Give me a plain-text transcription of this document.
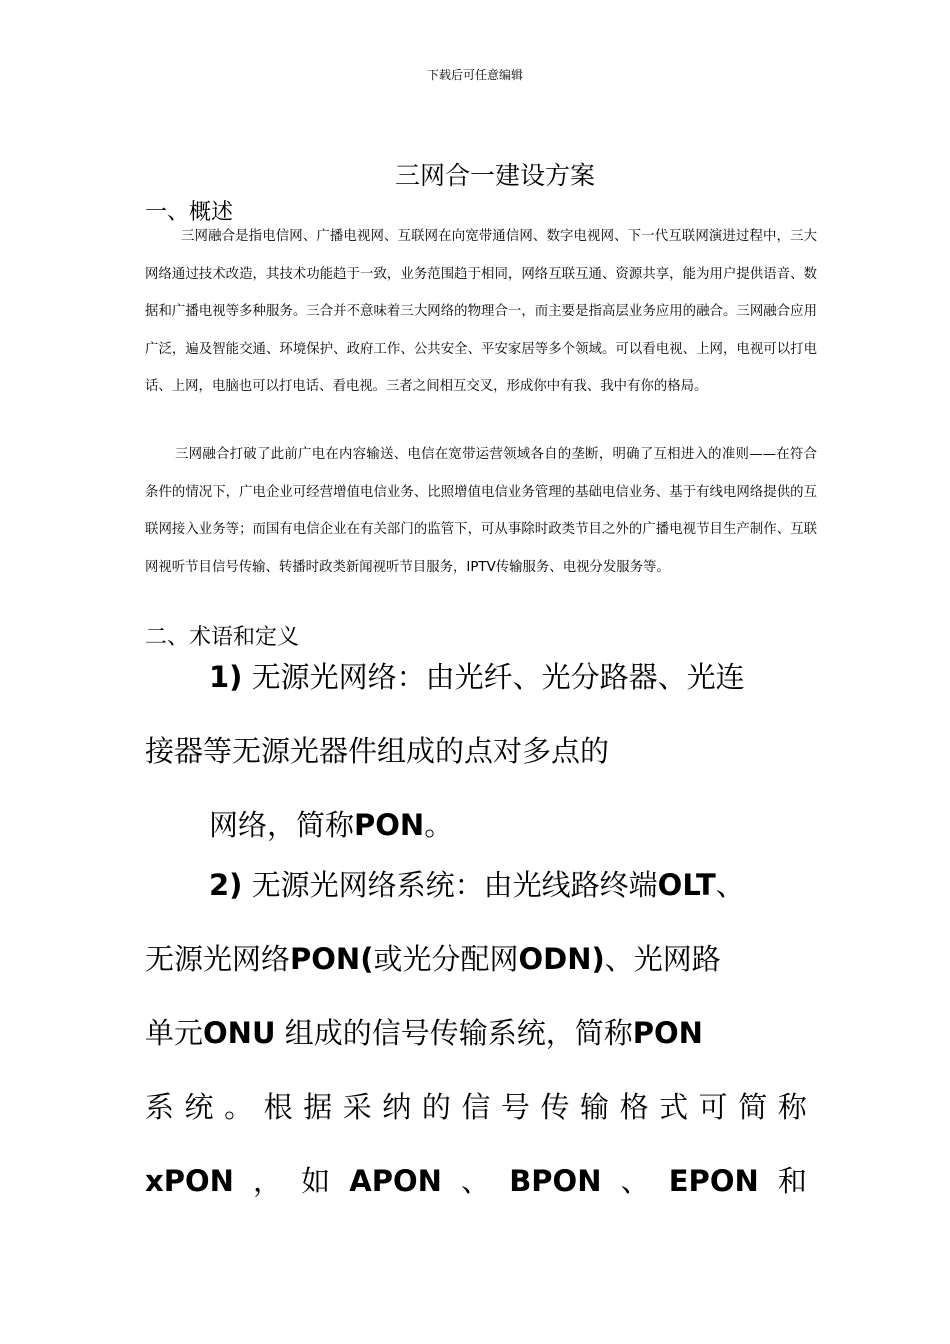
下载后可任意编辑
三网合一建设方案
一、概述

三网融合是指电信网、广播电视网、互联网在向宽带通信网、数字电视网、下一代互联网演进过程中，三大网络通过技术改造，其技术功能趋于一致，业务范围趋于相同，网络互联互通、资源共享，能为用户提供语音、数据和广播电视等多种服务。三合并不意味着三大网络的物理合一，而主要是指高层业务应用的融合。三网融合应用广泛，遍及智能交通、环境保护、政府工作、公共安全、平安家居等多个领域。可以看电视、上网，电视可以打电话、上网，电脑也可以打电话、看电视。三者之间相互交叉，形成你中有我、我中有你的格局。

三网融合打破了此前广电在内容输送、电信在宽带运营领域各自的垄断，明确了互相进入的准则——在符合条件的情况下，广电企业可经营增值电信业务、比照增值电信业务管理的基础电信业务、基于有线电网络提供的互联网接入业务等；而国有电信企业在有关部门的监管下，可从事除时政类节目之外的广播电视节目生产制作、互联网视听节目信号传输、转播时政类新闻视听节目服务，IPTV传输服务、电视分发服务等。

二、术语和定义
1) 无源光网络：由光纤、光分路器、光连
接器等无源光器件组成的点对多点的
网络，简称PON。
2) 无源光网络系统：由光线路终端OLT、
无源光网络PON(或光分配网ODN)、光网路
单元ONU 组成的信号传输系统，简称PON
系 统 。 根 据 采 纳 的 信 号 传 输 格 式 可 简 称
xPON ， 如 APON 、 BPON 、 EPON 和
